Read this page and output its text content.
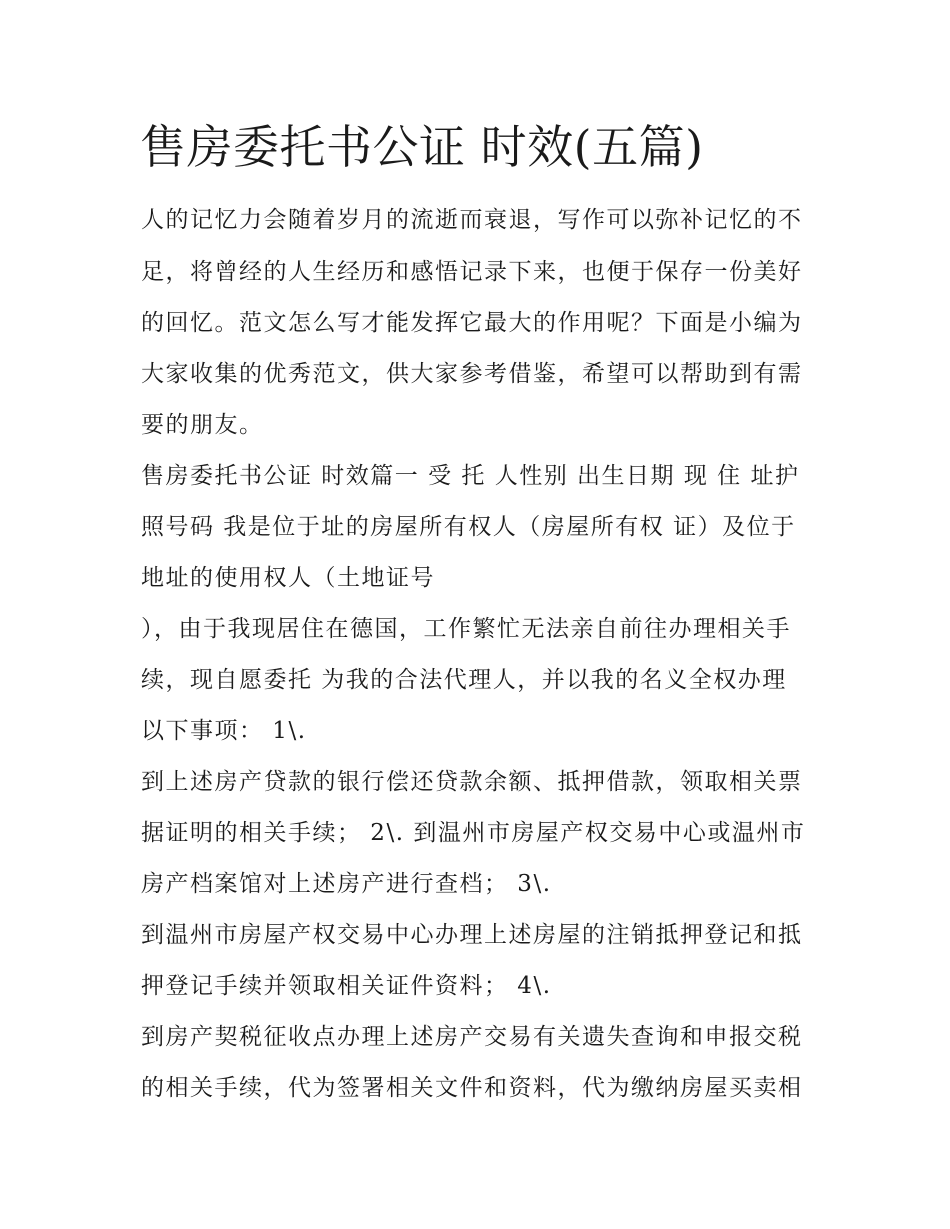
售房委托书公证 时效(五篇)

人的记忆力会随着岁月的流逝而衰退，写作可以弥补记忆的不

足，将曾经的人生经历和感悟记录下来，也便于保存一份美好

的回忆。范文怎么写才能发挥它最大的作用呢？下面是小编为

大家收集的优秀范文，供大家参考借鉴，希望可以帮助到有需

要的朋友。

售房委托书公证 时效篇一 受 托 人性别 出生日期 现 住 址护

照号码 我是位于址的房屋所有权人（房屋所有权 证）及位于

地址的使用权人（土地证号

），由于我现居住在德国，工作繁忙无法亲自前往办理相关手

续，现自愿委托 为我的合法代理人，并以我的名义全权办理

以下事项： 1\.

到上述房产贷款的银行偿还贷款余额、抵押借款，领取相关票

据证明的相关手续； 2\. 到温州市房屋产权交易中心或温州市

房产档案馆对上述房产进行查档； 3\.

到温州市房屋产权交易中心办理上述房屋的注销抵押登记和抵

押登记手续并领取相关证件资料； 4\.

到房产契税征收点办理上述房产交易有关遗失查询和申报交税

的相关手续，代为签署相关文件和资料，代为缴纳房屋买卖相
